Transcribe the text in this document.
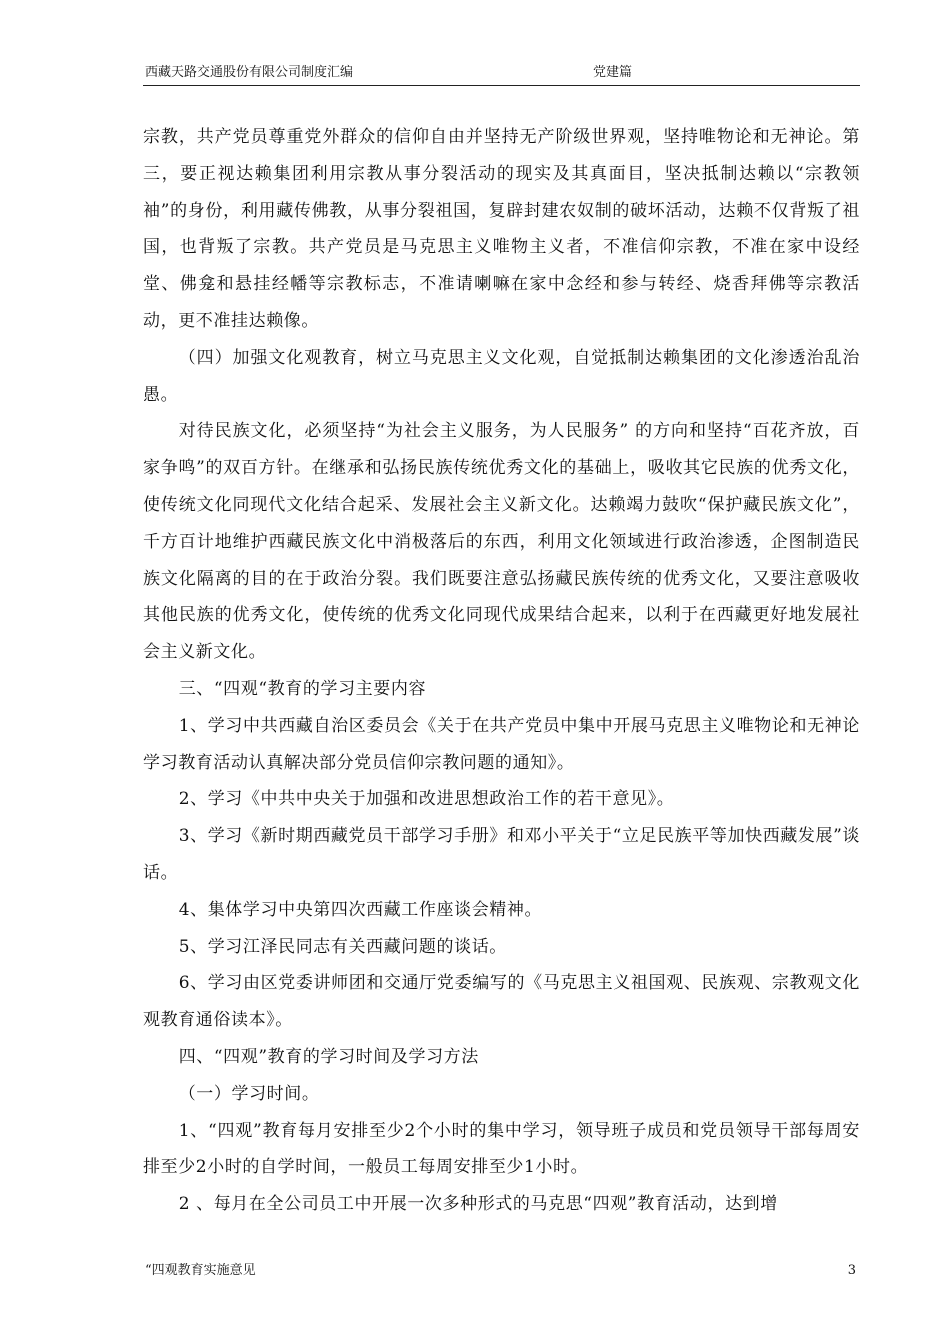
西藏天路交通股份有限公司制度汇编	党建篇

宗教，共产党员尊重党外群众的信仰自由并坚持无产阶级世界观，坚持唯物论和无神论。第三，要正视达赖集团利用宗教从事分裂活动的现实及其真面目，坚决抵制达赖以“宗教领袖”的身份，利用藏传佛教，从事分裂祖国，复辟封建农奴制的破坏活动，达赖不仅背叛了祖国，也背叛了宗教。共产党员是马克思主义唯物主义者，不准信仰宗教，不准在家中设经堂、佛龛和悬挂经幡等宗教标志，不准请喇嘛在家中念经和参与转经、烧香拜佛等宗教活动，更不准挂达赖像。

（四）加强文化观教育，树立马克思主义文化观，自觉抵制达赖集团的文化渗透治乱治愚。

对待民族文化，必须坚持“为社会主义服务，为人民服务” 的方向和坚持“百花齐放，百家争鸣”的双百方针。在继承和弘扬民族传统优秀文化的基础上，吸收其它民族的优秀文化，使传统文化同现代文化结合起采、发展社会主义新文化。达赖竭力鼓吹“保护藏民族文化”，千方百计地维护西藏民族文化中消极落后的东西，利用文化领域进行政治渗透，企图制造民族文化隔离的目的在于政治分裂。我们既要注意弘扬藏民族传统的优秀文化，又要注意吸收其他民族的优秀文化，使传统的优秀文化同现代成果结合起来，以利于在西藏更好地发展社会主义新文化。

三、“四观“教育的学习主要内容

1、学习中共西藏自治区委员会《关于在共产党员中集中开展马克思主义唯物论和无神论学习教育活动认真解决部分党员信仰宗教问题的通知》。

2、学习《中共中央关于加强和改进思想政治工作的若干意见》。

3、学习《新时期西藏党员干部学习手册》和邓小平关于“立足民族平等加快西藏发展”谈话。

4、集体学习中央第四次西藏工作座谈会精神。

5、学习江泽民同志有关西藏问题的谈话。

6、学习由区党委讲师团和交通厅党委编写的《马克思主义祖国观、民族观、宗教观文化观教育通俗读本》。

四、“四观”教育的学习时间及学习方法

（一）学习时间。

1、“四观”教育每月安排至少2个小时的集中学习，领导班子成员和党员领导干部每周安排至少2小时的自学时间，一般员工每周安排至少1小时。

2 、每月在全公司员工中开展一次多种形式的马克思“四观”教育活动，达到增

“四观教育实施意见	3
